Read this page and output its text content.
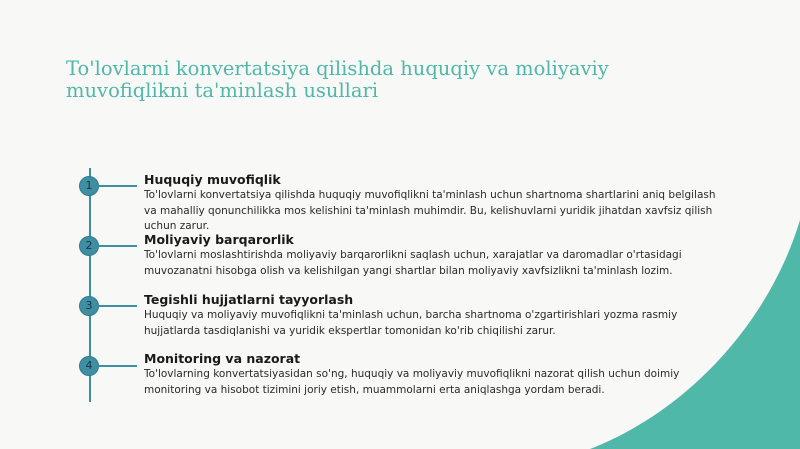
To'lovlarni konvertatsiya qilishda huquqiy va moliyaviy muvofiqlikni ta'minlash usullari
1	Huquqiy muvofiqlik

To'lovlarni konvertatsiya qilishda huquqiy muvofiqlikni ta'minlash uchun shartnoma shartlarini aniq belgilash va mahalliy qonunchilikka mos kelishini ta'minlash muhimdir. Bu, kelishuvlarni yuridik jihatdan xavfsiz qilish uchun zarur.

2	Moliyaviy barqarorlik

To'lovlarni moslashtirishda moliyaviy barqarorlikni saqlash uchun, xarajatlar va daromadlar o'rtasidagi muvozanatni hisobga olish va kelishilgan yangi shartlar bilan moliyaviy xavfsizlikni ta'minlash lozim.

3	Tegishli hujjatlarni tayyorlash

Huquqiy va moliyaviy muvofiqlikni ta'minlash uchun, barcha shartnoma o'zgartirishlari yozma rasmiy hujjatlarda tasdiqlanishi va yuridik ekspertlar tomonidan ko'rib chiqilishi zarur.

4	Monitoring va nazorat

To'lovlarning konvertatsiyasidan so'ng, huquqiy va moliyaviy muvofiqlikni nazorat qilish uchun doimiy monitoring va hisobot tizimini joriy etish, muammolarni erta aniqlashga yordam beradi.
